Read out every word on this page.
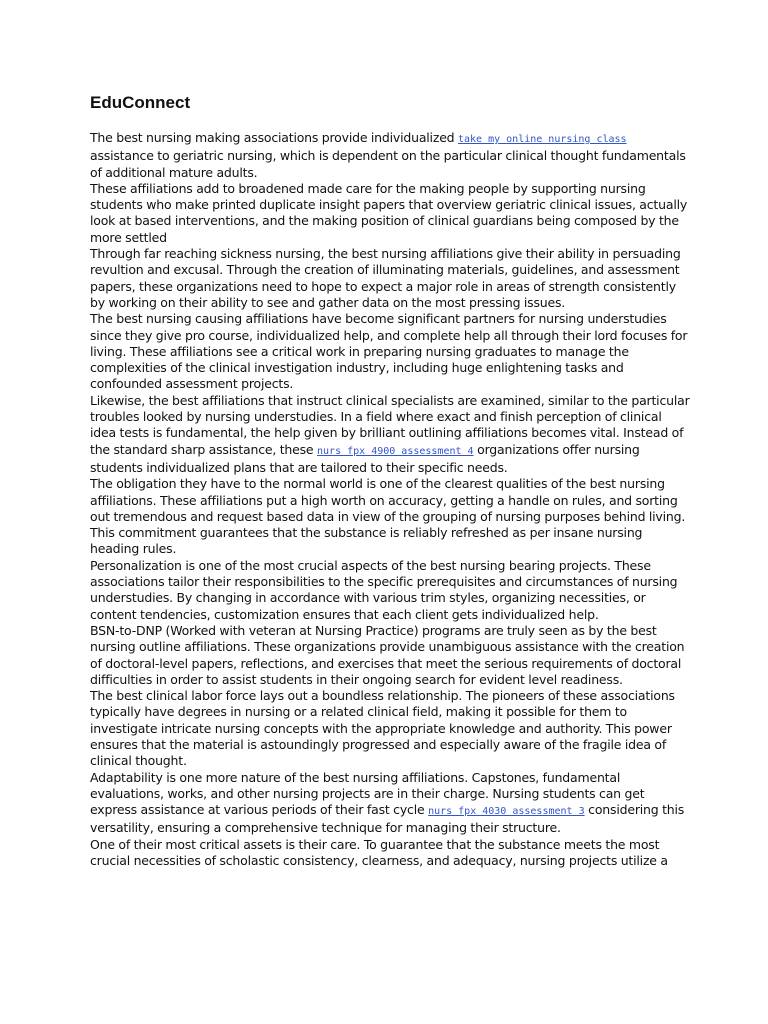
EduConnect

The best nursing making associations provide individualized take my online nursing class assistance to geriatric nursing, which is dependent on the particular clinical thought fundamentals of additional mature adults.

These affiliations add to broadened made care for the making people by supporting nursing students who make printed duplicate insight papers that overview geriatric clinical issues, actually look at based interventions, and the making position of clinical guardians being composed by the more settled

Through far reaching sickness nursing, the best nursing affiliations give their ability in persuading revultion and excusal. Through the creation of illuminating materials, guidelines, and assessment papers, these organizations need to hope to expect a major role in areas of strength consistently by working on their ability to see and gather data on the most pressing issues.

The best nursing causing affiliations have become significant partners for nursing understudies since they give pro course, individualized help, and complete help all through their lord focuses for living. These affiliations see a critical work in preparing nursing graduates to manage the complexities of the clinical investigation industry, including huge enlightening tasks and confounded assessment projects.

Likewise, the best affiliations that instruct clinical specialists are examined, similar to the particular troubles looked by nursing understudies. In a field where exact and finish perception of clinical idea tests is fundamental, the help given by brilliant outlining affiliations becomes vital. Instead of the standard sharp assistance, these nurs fpx 4900 assessment 4 organizations offer nursing students individualized plans that are tailored to their specific needs.

The obligation they have to the normal world is one of the clearest qualities of the best nursing affiliations. These affiliations put a high worth on accuracy, getting a handle on rules, and sorting out tremendous and request based data in view of the grouping of nursing purposes behind living. This commitment guarantees that the substance is reliably refreshed as per insane nursing heading rules.

Personalization is one of the most crucial aspects of the best nursing bearing projects. These associations tailor their responsibilities to the specific prerequisites and circumstances of nursing understudies. By changing in accordance with various trim styles, organizing necessities, or content tendencies, customization ensures that each client gets individualized help.

BSN-to-DNP (Worked with veteran at Nursing Practice) programs are truly seen as by the best nursing outline affiliations. These organizations provide unambiguous assistance with the creation of doctoral-level papers, reflections, and exercises that meet the serious requirements of doctoral difficulties in order to assist students in their ongoing search for evident level readiness.

The best clinical labor force lays out a boundless relationship. The pioneers of these associations typically have degrees in nursing or a related clinical field, making it possible for them to investigate intricate nursing concepts with the appropriate knowledge and authority. This power ensures that the material is astoundingly progressed and especially aware of the fragile idea of clinical thought.

Adaptability is one more nature of the best nursing affiliations. Capstones, fundamental evaluations, works, and other nursing projects are in their charge. Nursing students can get express assistance at various periods of their fast cycle nurs fpx 4030 assessment 3 considering this versatility, ensuring a comprehensive technique for managing their structure.

One of their most critical assets is their care. To guarantee that the substance meets the most crucial necessities of scholastic consistency, clearness, and adequacy, nursing projects utilize a
